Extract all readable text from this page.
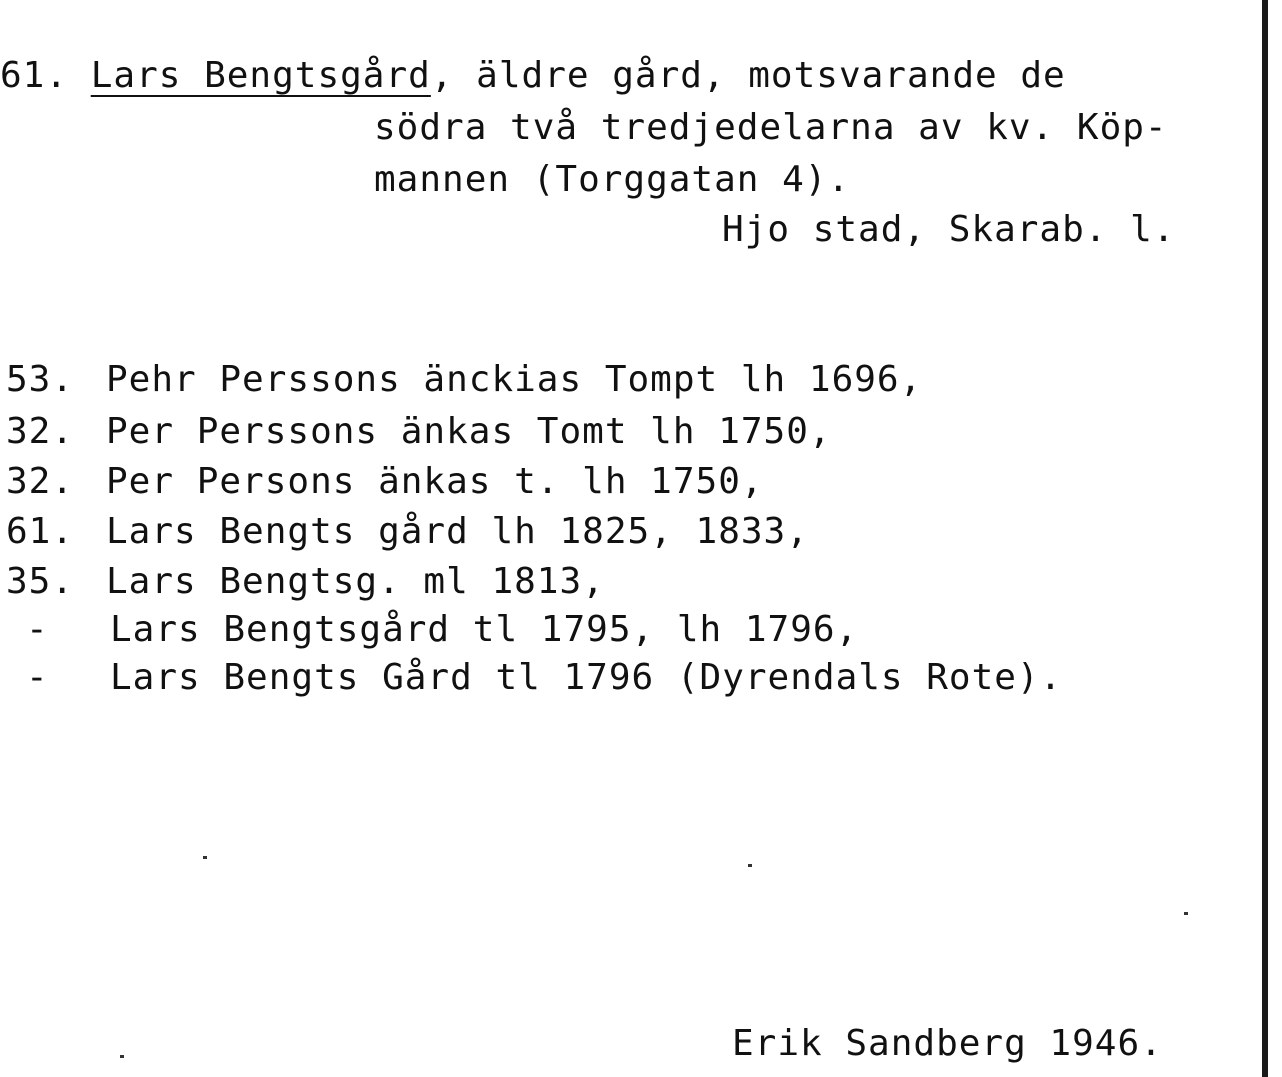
61. Lars Bengtsgård, äldre gård, motsvarande de
södra två tredjedelarna av kv. Köp-
mannen (Torggatan 4).
Hjo stad, Skarab. l.
53. Pehr Perssons änckias Tompt lh 1696,
32. Per Perssons änkas Tomt lh 1750,
32. Per Persons änkas t. lh 1750,
61. Lars Bengts gård lh 1825, 1833,
35. Lars Bengtsg. ml 1813,
- Lars Bengtsgård tl 1795, lh 1796,
- Lars Bengts Gård tl 1796 (Dyrendals Rote).
Erik Sandberg 1946.
